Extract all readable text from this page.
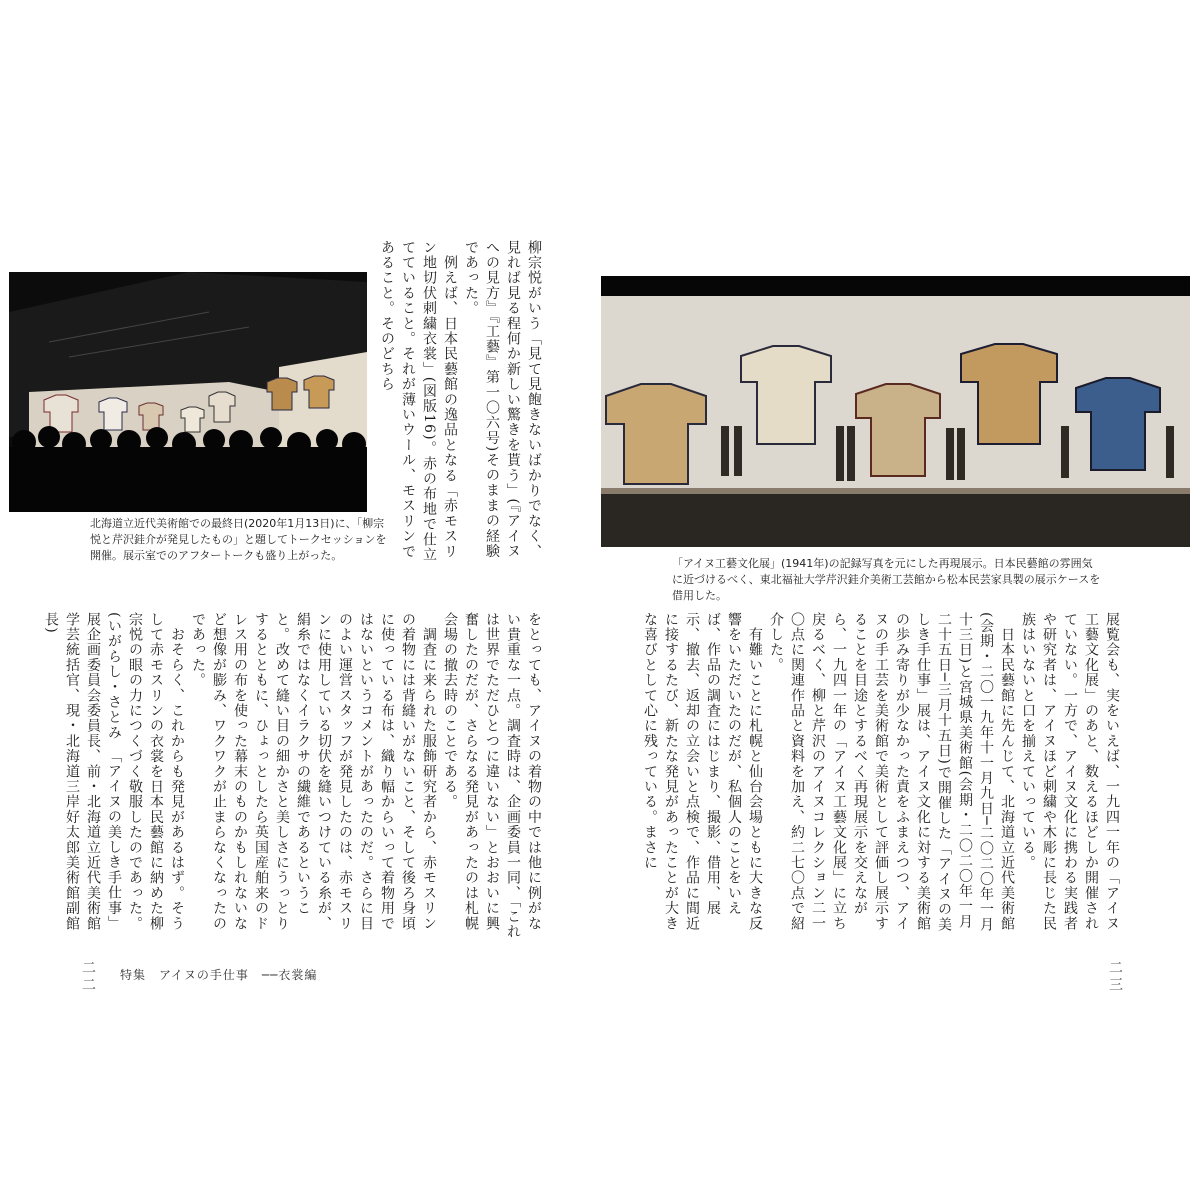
北海道立近代美術館での最終日(2020年1月13日)に、「柳宗悦と芹沢銈介が発見したもの」と題してトークセッションを開催。展示室でのアフタートークも盛り上がった。	柳宗悦がいう「見て見飽きないばかりでなく、見れば見る程何か新しい驚きを貰う」(『アイヌへの見方』『工藝』第一〇六号)そのままの経験であった。
　例えば、日本民藝館の逸品となる「赤モスリン地切伏刺繍衣裳」(図版16)。赤の布地で仕立てていること。それが薄いウール、モスリンであること。そのどちら
をとっても、アイヌの着物の中では他に例がない貴重な一点。調査時は、企画委員一同、「これは世界でただひとつに違いない」とおおいに興奮したのだが、さらなる発見があったのは札幌会場の撤去時のことである。
　調査に来られた服飾研究者から、赤モスリンの着物には背縫いがないこと、そして後ろ身頃に使っている布は、織り幅からいって着物用ではないというコメントがあったのだ。さらに目のよい運営スタッフが発見したのは、赤モスリンに使用している切伏を縫いつけている糸が、絹糸ではなくイラクサの繊維であるということ。改めて縫い目の細かさと美しさにうっとりするとともに、ひょっとしたら英国産舶来のドレス用の布を使った幕末のものかもしれないなど想像が膨み、ワクワクが止まらなくなったのであった。
　おそらく、これからも発見があるはず。そうして赤モスリンの衣裳を日本民藝館に納めた柳宗悦の眼の力につくづく敬服したのであった。
(いがらし・さとみ　「アイヌの美しき手仕事」展企画委員会委員長、前・北海道立近代美術館学芸統括官、現・北海道三岸好太郎美術館副館長)
二二 特集　アイヌの手仕事　──衣裳編
「アイヌ工藝文化展」(1941年)の記録写真を元にした再現展示。日本民藝館の雰囲気に近づけるべく、東北福祉大学芹沢銈介美術工芸館から松本民芸家具製の展示ケースを借用した。
展覧会も、実をいえば、一九四一年の「アイヌ工藝文化展」のあと、数えるほどしか開催されていない。一方で、アイヌ文化に携わる実践者や研究者は、アイヌほど刺繍や木彫に長じた民族はいないと口を揃えていっている。
　日本民藝館に先んじて、北海道立近代美術館(会期・二〇一九年十一月九日─二〇二〇年一月十三日)と宮城県美術館(会期・二〇二〇年一月二十五日─三月十五日)で開催した「アイヌの美しき手仕事」展は、アイヌ文化に対する美術館の歩み寄りが少なかった責をふまえつつ、アイヌの手工芸を美術館で美術として評価し展示することを目途とするべく再現展示を交えながら、一九四一年の「アイヌ工藝文化展」に立ち戻るべく、柳と芹沢のアイヌコレクション二一〇点に関連作品と資料を加え、約二七〇点で紹介した。
　有難いことに札幌と仙台会場ともに大きな反響をいただいたのだが、私個人のことをいえば、作品の調査にはじまり、撮影、借用、展示、撤去、返却の立会いと点検で、作品に間近に接するたび、新たな発見があったことが大きな喜びとして心に残っている。まさに
二三
